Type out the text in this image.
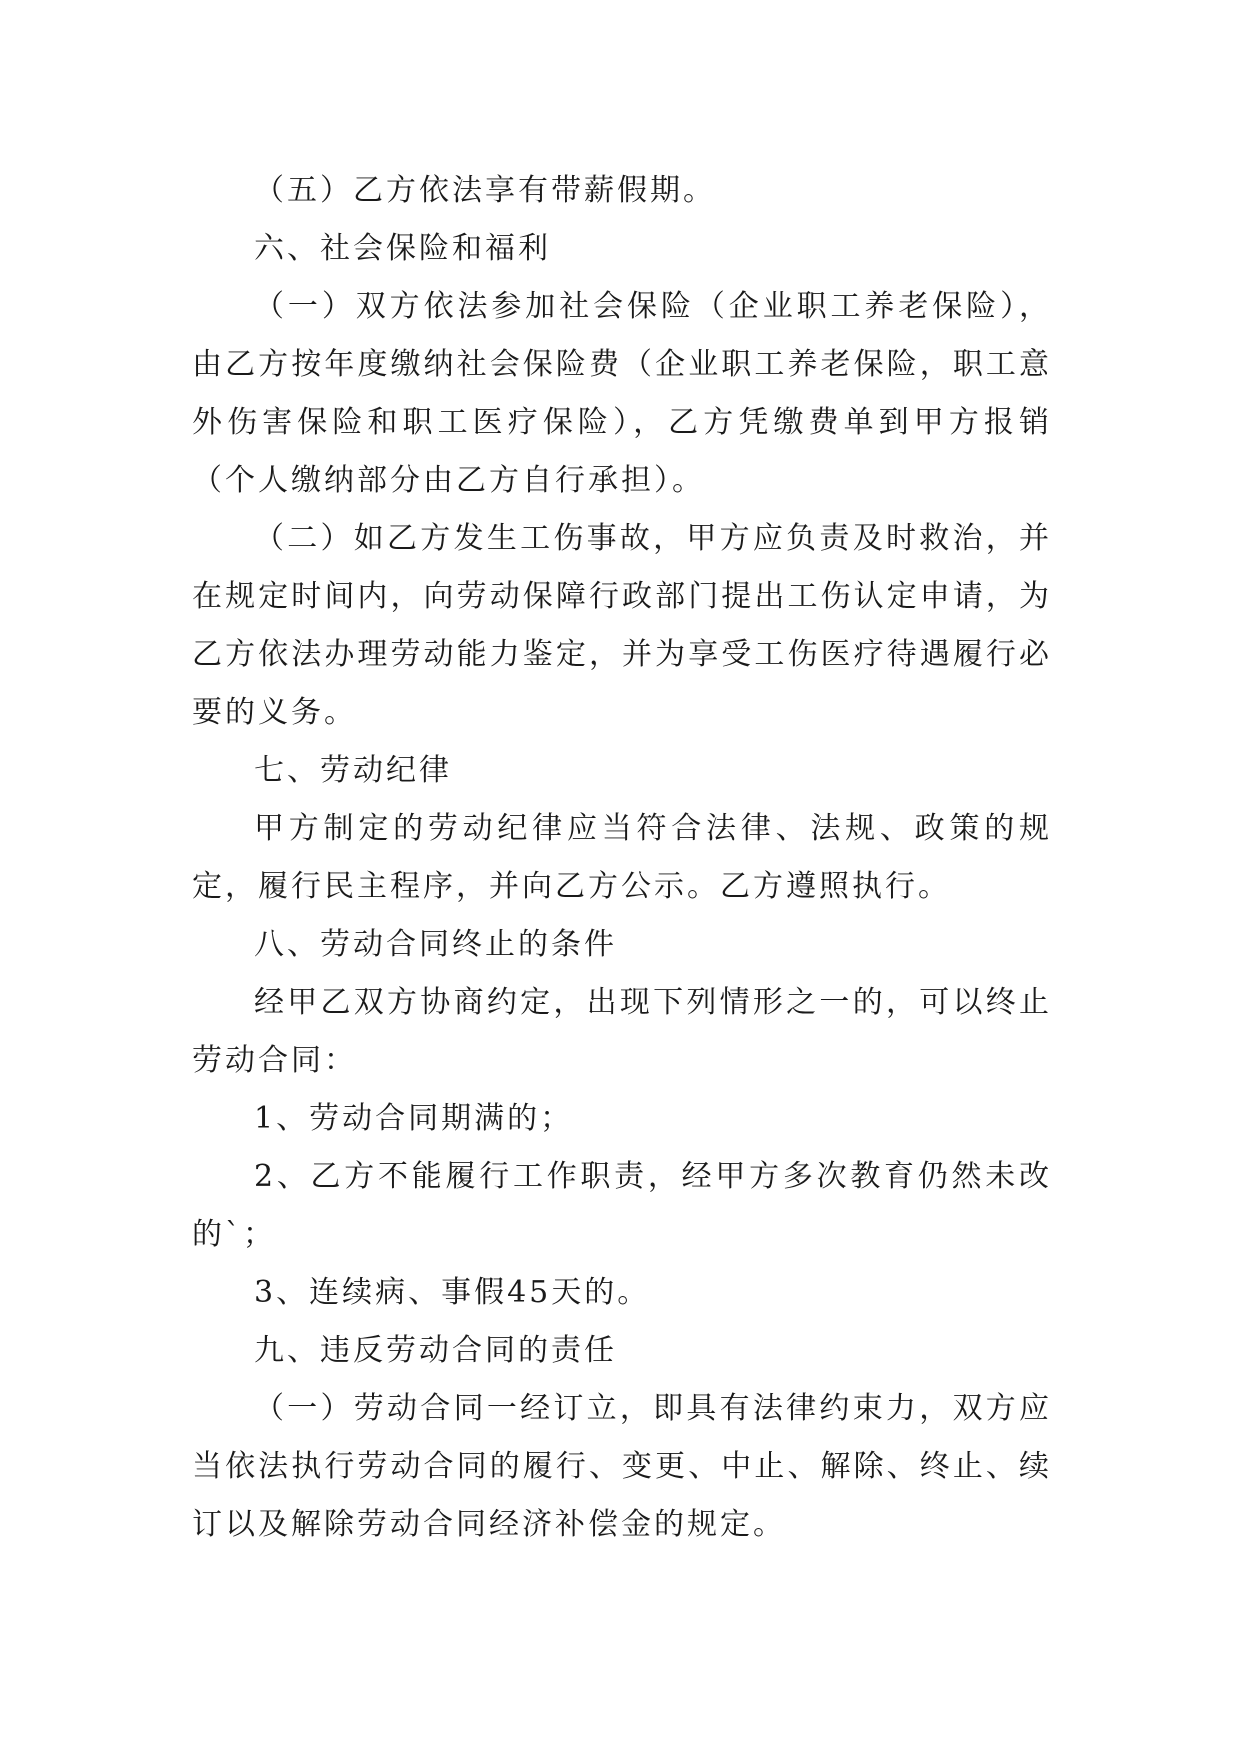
（五）乙方依法享有带薪假期。

六、社会保险和福利

（一）双方依法参加社会保险（企业职工养老保险），由乙方按年度缴纳社会保险费（企业职工养老保险，职工意外伤害保险和职工医疗保险），乙方凭缴费单到甲方报销（个人缴纳部分由乙方自行承担）。

（二）如乙方发生工伤事故，甲方应负责及时救治，并在规定时间内，向劳动保障行政部门提出工伤认定申请，为乙方依法办理劳动能力鉴定，并为享受工伤医疗待遇履行必要的义务。

七、劳动纪律

甲方制定的劳动纪律应当符合法律、法规、政策的规定，履行民主程序，并向乙方公示。乙方遵照执行。

八、劳动合同终止的条件

经甲乙双方协商约定，出现下列情形之一的，可以终止劳动合同：

1、劳动合同期满的；

2、乙方不能履行工作职责，经甲方多次教育仍然未改的`；

3、连续病、事假45天的。

九、违反劳动合同的责任

（一）劳动合同一经订立，即具有法律约束力，双方应当依法执行劳动合同的履行、变更、中止、解除、终止、续订以及解除劳动合同经济补偿金的规定。
